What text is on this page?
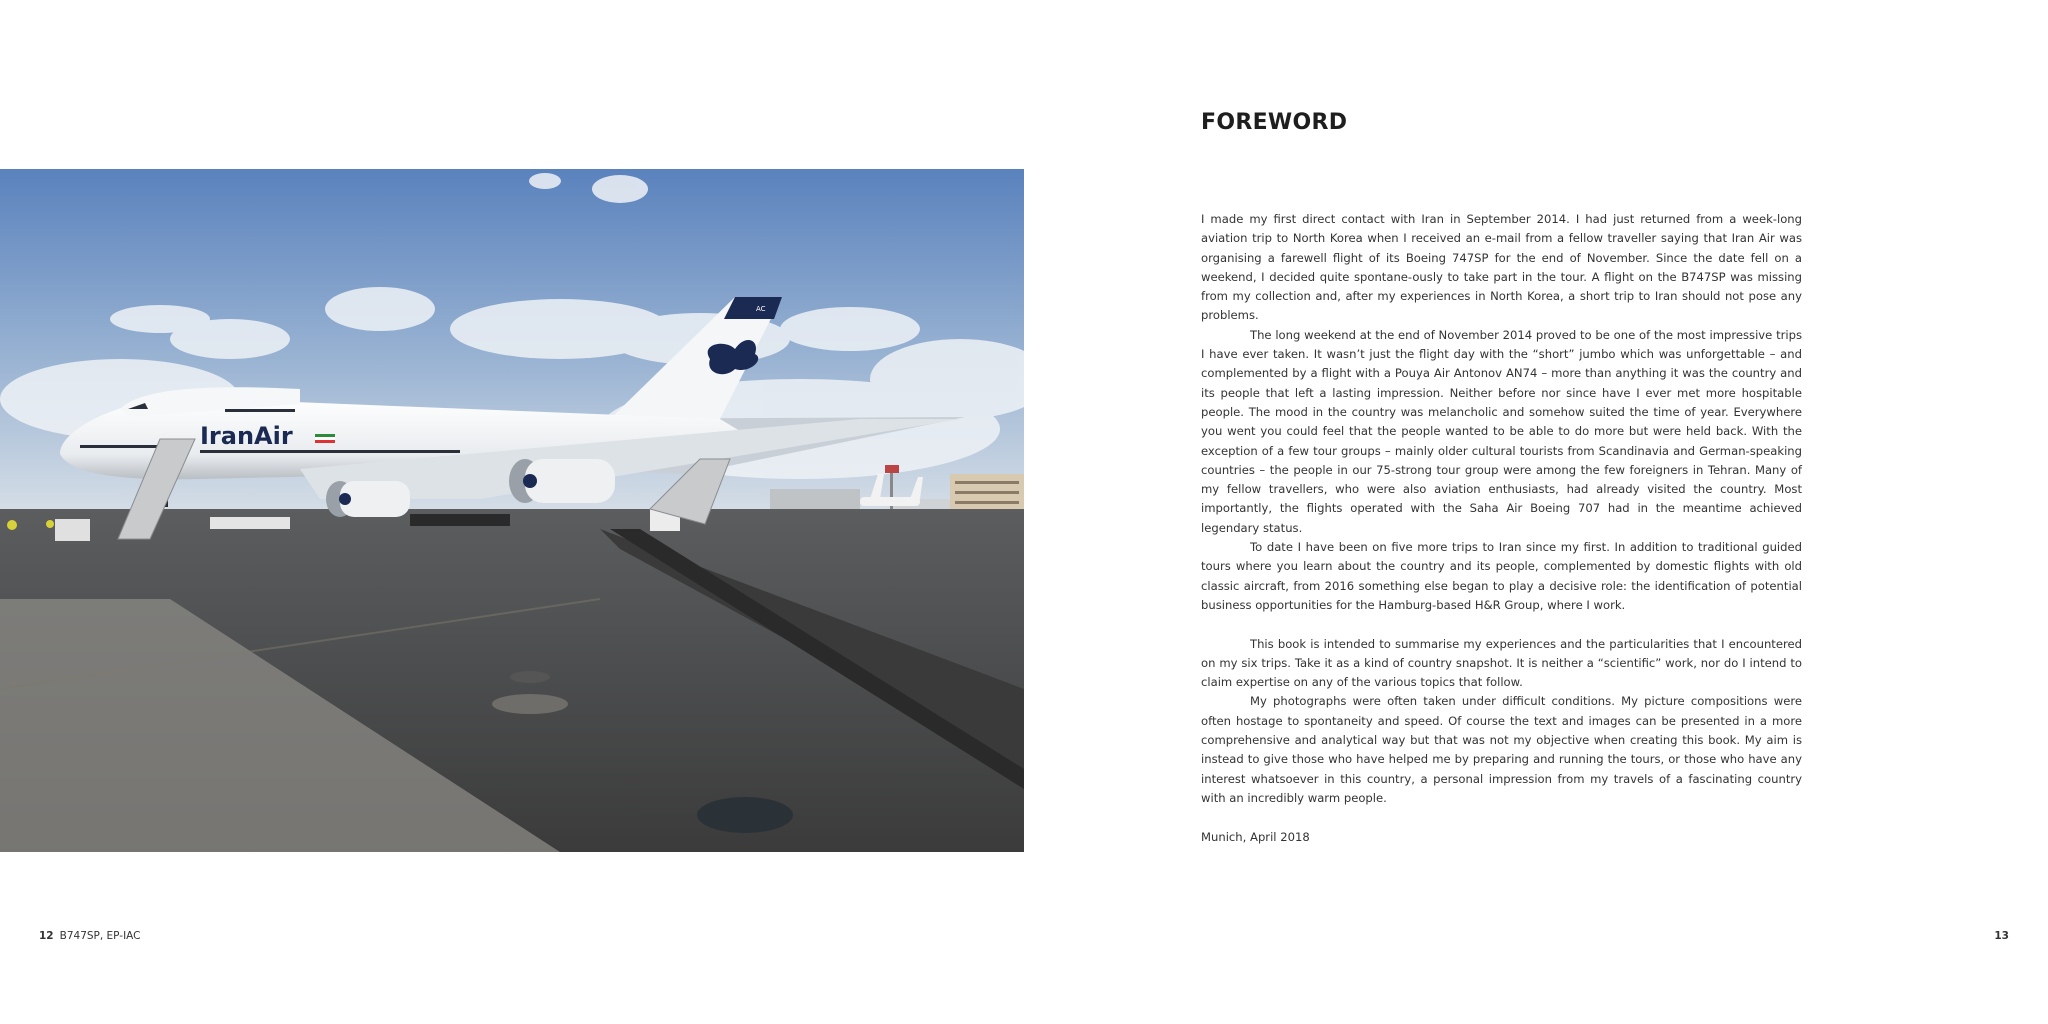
IranAir
AC
FOREWORD

I made my first direct contact with Iran in September 2014. I had just returned from a week-long aviation trip to North Korea when I received an e-mail from a fellow traveller saying that Iran Air was organising a farewell flight of its Boeing 747SP for the end of November. Since the date fell on a weekend, I decided quite spontane-ously to take part in the tour. A flight on the B747SP was missing from my collection and, after my experiences in North Korea, a short trip to Iran should not pose any problems.

The long weekend at the end of November 2014 proved to be one of the most impressive trips I have ever taken. It wasn’t just the flight day with the “short” jumbo which was unforgettable – and complemented by a flight with a Pouya Air Antonov AN74 – more than anything it was the country and its people that left a lasting impression. Neither before nor since have I ever met more hospitable people. The mood in the country was melancholic and somehow suited the time of year. Everywhere you went you could feel that the people wanted to be able to do more but were held back. With the exception of a few tour groups – mainly older cultural tourists from Scandinavia and German-speaking countries – the people in our 75-strong tour group were among the few foreigners in Tehran. Many of my fellow travellers, who were also aviation enthusiasts, had already visited the country. Most importantly, the flights operated with the Saha Air Boeing 707 had in the meantime achieved legendary status.

To date I have been on five more trips to Iran since my first. In addition to traditional guided tours where you learn about the country and its people, complemented by domestic flights with old classic aircraft, from 2016 something else began to play a decisive role: the identification of potential business opportunities for the Hamburg-based H&R Group, where I work.

This book is intended to summarise my experiences and the particularities that I encountered on my six trips. Take it as a kind of country snapshot. It is neither a “scientific” work, nor do I intend to claim expertise on any of the various topics that follow.

My photographs were often taken under difficult conditions. My picture compositions were often hostage to spontaneity and speed. Of course the text and images can be presented in a more comprehensive and analytical way but that was not my objective when creating this book. My aim is instead to give those who have helped me by preparing and running the tours, or those who have any interest whatsoever in this country, a personal impression from my travels of a fascinating country with an incredibly warm people.

Munich, April 2018

12 B747SP, EP-IAC	13
